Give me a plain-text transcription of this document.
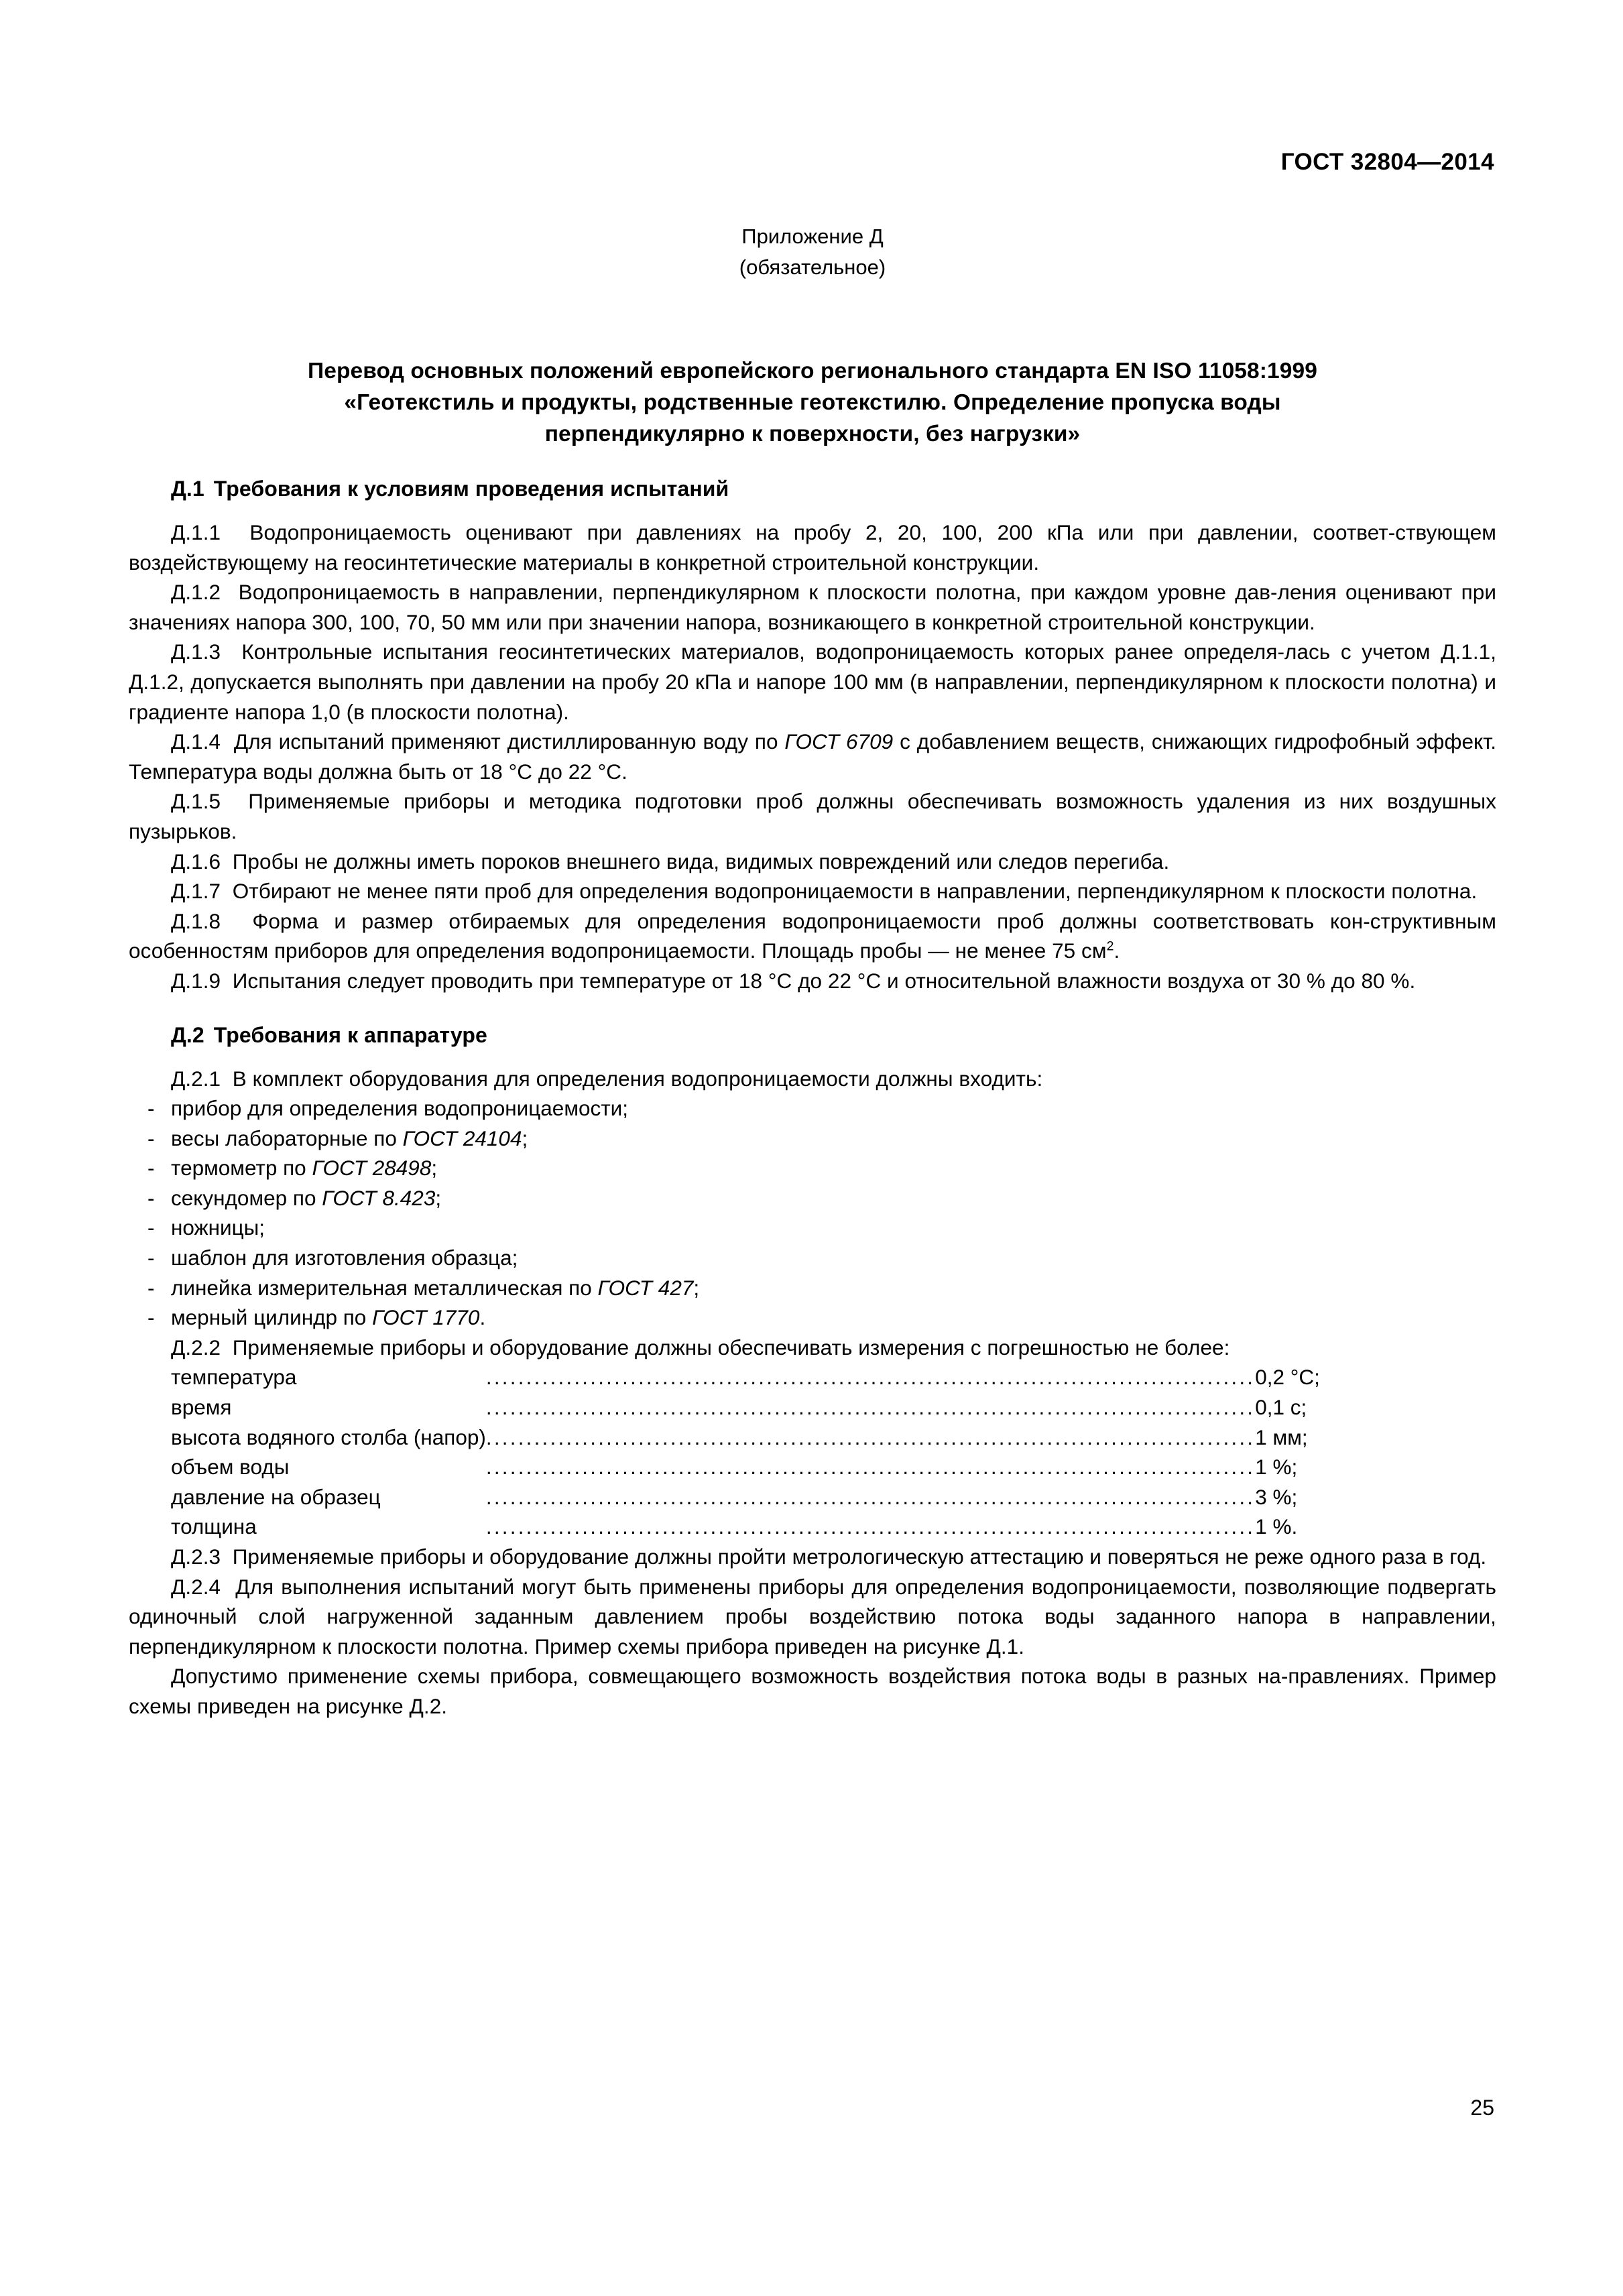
ГОСТ 32804—2014
Приложение Д
(обязательное)
Перевод основных положений европейского регионального стандарта EN ISO 11058:1999
«Геотекстиль и продукты, родственные геотекстилю. Определение пропуска воды
перпендикулярно к поверхности, без нагрузки»
Д.1 Требования к условиям проведения испытаний

Д.1.1 Водопроницаемость оценивают при давлениях на пробу 2, 20, 100, 200 кПа или при давлении, соответ-ствующем воздействующему на геосинтетические материалы в конкретной строительной конструкции.

Д.1.2 Водопроницаемость в направлении, перпендикулярном к плоскости полотна, при каждом уровне дав-ления оценивают при значениях напора 300, 100, 70, 50 мм или при значении напора, возникающего в конкретной строительной конструкции.

Д.1.3 Контрольные испытания геосинтетических материалов, водопроницаемость которых ранее определя-лась с учетом Д.1.1, Д.1.2, допускается выполнять при давлении на пробу 20 кПа и напоре 100 мм (в направлении, перпендикулярном к плоскости полотна) и градиенте напора 1,0 (в плоскости полотна).

Д.1.4 Для испытаний применяют дистиллированную воду по ГОСТ 6709 с добавлением веществ, снижающих гидрофобный эффект. Температура воды должна быть от 18 °С до 22 °С.

Д.1.5 Применяемые приборы и методика подготовки проб должны обеспечивать возможность удаления из них воздушных пузырьков.

Д.1.6 Пробы не должны иметь пороков внешнего вида, видимых повреждений или следов перегиба.

Д.1.7 Отбирают не менее пяти проб для определения водопроницаемости в направлении, перпендикулярном к плоскости полотна.

Д.1.8 Форма и размер отбираемых для определения водопроницаемости проб должны соответствовать кон-структивным особенностям приборов для определения водопроницаемости. Площадь пробы — не менее 75 $см^2$.

Д.1.9 Испытания следует проводить при температуре от 18 °С до 22 °С и относительной влажности воздуха от 30 % до 80 %.

Д.2 Требования к аппаратуре

Д.2.1 В комплект оборудования для определения водопроницаемости должны входить:

- прибор для определения водопроницаемости;
- весы лабораторные по ГОСТ 24104;
- термометр по ГОСТ 28498;
- секундомер по ГОСТ 8.423;
- ножницы;
- шаблон для изготовления образца;
- линейка измерительная металлическая по ГОСТ 427;
- мерный цилиндр по ГОСТ 1770.

Д.2.2 Применяемые приборы и оборудование должны обеспечивать измерения с погрешностью не более:

температура	................................................................................................	0,2 °С;
время	................................................................................................	0,1 с;
высота водяного столба (напор)	................................................................................................	1 мм;
объем воды	................................................................................................	1 %;
давление на образец	................................................................................................	3 %;
толщина	................................................................................................	1 %.

Д.2.3 Применяемые приборы и оборудование должны пройти метрологическую аттестацию и поверяться не реже одного раза в год.

Д.2.4 Для выполнения испытаний могут быть применены приборы для определения водопроницаемости, позволяющие подвергать одиночный слой нагруженной заданным давлением пробы воздействию потока воды заданного напора в направлении, перпендикулярном к плоскости полотна. Пример схемы прибора приведен на рисунке Д.1.

Допустимо применение схемы прибора, совмещающего возможность воздействия потока воды в разных на-правлениях. Пример схемы приведен на рисунке Д.2.

25
